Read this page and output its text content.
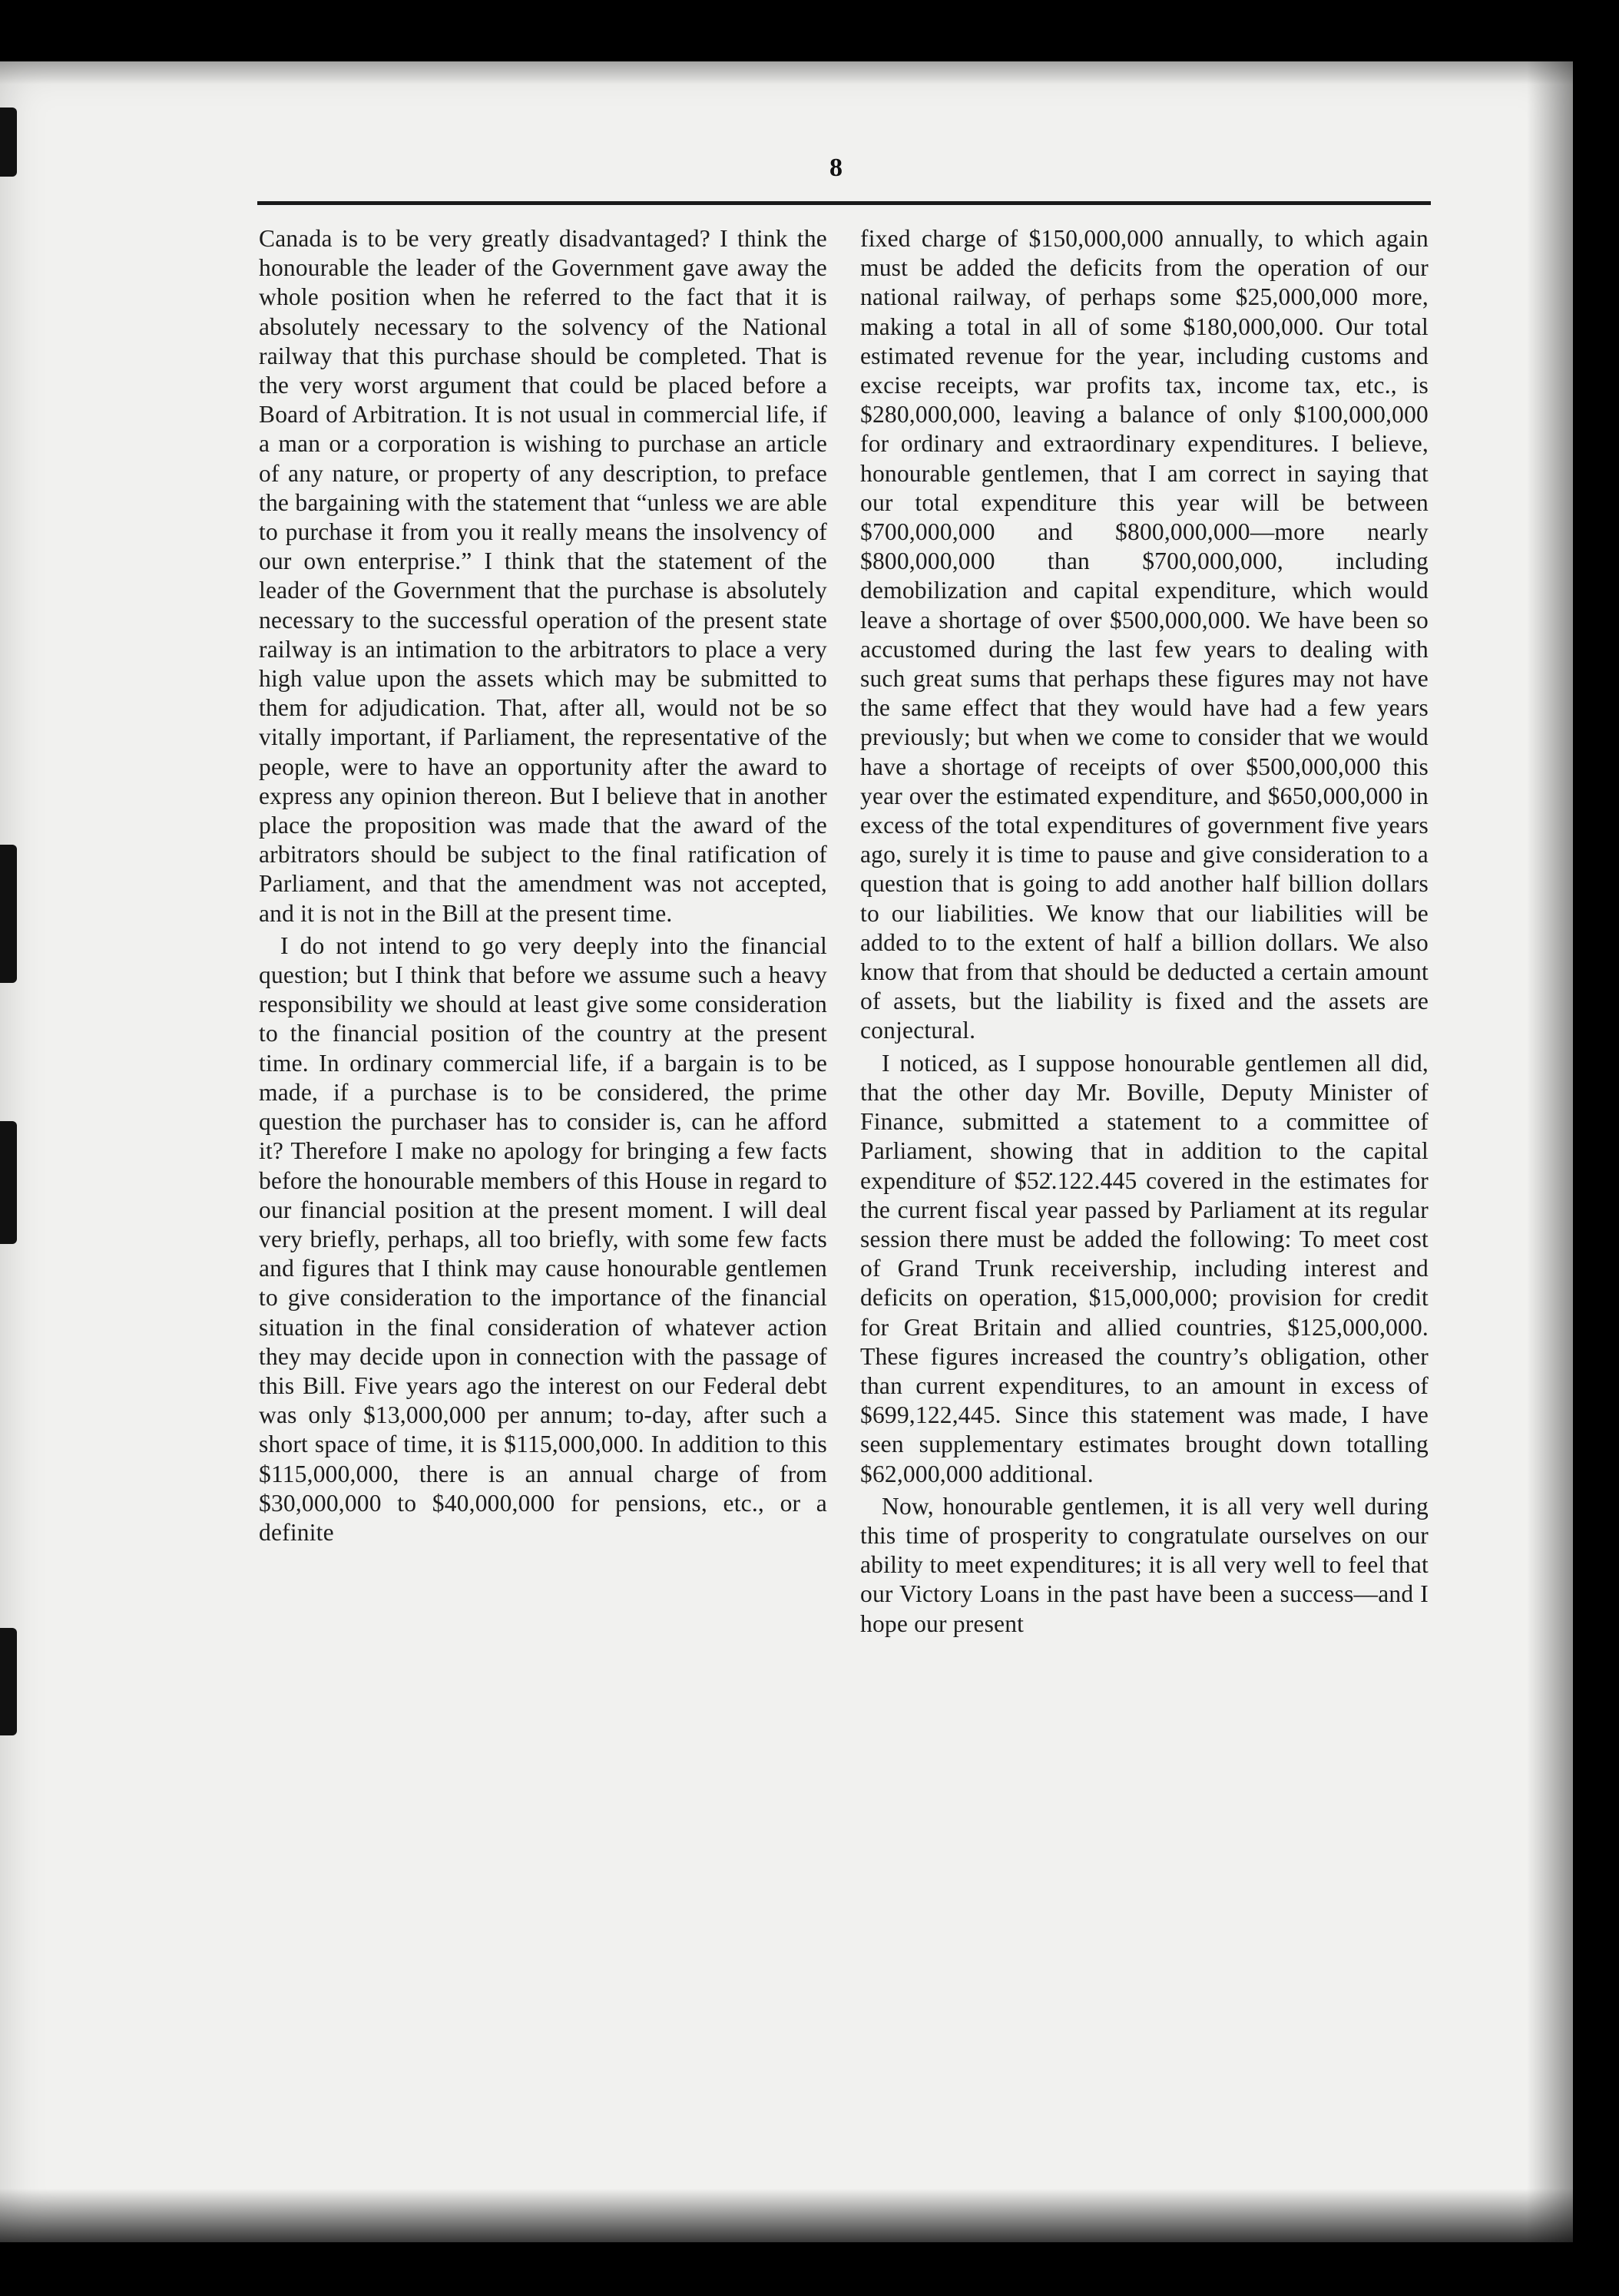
8

Canada is to be very greatly disadvantaged? I think the honourable the leader of the Government gave away the whole position when he referred to the fact that it is absolutely necessary to the solvency of the National railway that this purchase should be completed. That is the very worst argument that could be placed before a Board of Arbitration. It is not usual in commercial life, if a man or a corporation is wishing to purchase an article of any nature, or property of any description, to preface the bargaining with the statement that “unless we are able to purchase it from you it really means the insolvency of our own enterprise.” I think that the statement of the leader of the Government that the purchase is absolutely necessary to the successful operation of the present state railway is an intimation to the arbitrators to place a very high value upon the assets which may be submitted to them for adjudication. That, after all, would not be so vitally important, if Parliament, the representative of the people, were to have an opportunity after the award to express any opinion thereon. But I believe that in another place the proposition was made that the award of the arbitrators should be subject to the final ratification of Parliament, and that the amendment was not accepted, and it is not in the Bill at the present time.

I do not intend to go very deeply into the financial question; but I think that before we assume such a heavy responsibility we should at least give some consideration to the financial position of the country at the present time. In ordinary commercial life, if a bargain is to be made, if a purchase is to be considered, the prime question the purchaser has to consider is, can he afford it? Therefore I make no apology for bringing a few facts before the honourable members of this House in regard to our financial position at the present moment. I will deal very briefly, perhaps, all too briefly, with some few facts and figures that I think may cause honourable gentlemen to give consideration to the importance of the financial situation in the final consideration of whatever action they may decide upon in connection with the passage of this Bill. Five years ago the interest on our Federal debt was only $13,000,000 per annum; to-day, after such a short space of time, it is $115,000,000. In addition to this $115,000,000, there is an annual charge of from $30,000,000 to $40,000,000 for pensions, etc., or a definite

fixed charge of $150,000,000 annually, to which again must be added the deficits from the operation of our national railway, of perhaps some $25,000,000 more, making a total in all of some $180,000,000. Our total estimated revenue for the year, including customs and excise receipts, war profits tax, income tax, etc., is $280,000,000, leaving a balance of only $100,000,000 for ordinary and extraordinary expenditures. I believe, honourable gentlemen, that I am correct in saying that our total expenditure this year will be between $700,000,000 and $800,000,000—more nearly $800,000,000 than $700,000,000, including demobilization and capital expenditure, which would leave a shortage of over $500,000,000. We have been so accustomed during the last few years to dealing with such great sums that perhaps these figures may not have the same effect that they would have had a few years previously; but when we come to consider that we would have a shortage of receipts of over $500,000,000 this year over the estimated expenditure, and $650,000,000 in excess of the total expenditures of government five years ago, surely it is time to pause and give consideration to a question that is going to add another half billion dollars to our liabilities. We know that our liabilities will be added to to the extent of half a billion dollars. We also know that from that should be deducted a certain amount of assets, but the liability is fixed and the assets are conjectural.

I noticed, as I suppose honourable gentlemen all did, that the other day Mr. Boville, Deputy Minister of Finance, submitted a statement to a committee of Parliament, showing that in addition to the capital expenditure of $52̇.122.445 covered in the estimates for the current fiscal year passed by Parliament at its regular session there must be added the following: To meet cost of Grand Trunk receivership, including interest and deficits on operation, $15,000,000; provision for credit for Great Britain and allied countries, $125,000,000. These figures increased the country’s obligation, other than current expenditures, to an amount in excess of $699,122,445. Since this statement was made, I have seen supplementary estimates brought down totalling $62,000,000 additional.

Now, honourable gentlemen, it is all very well during this time of prosperity to congratulate ourselves on our ability to meet expenditures; it is all very well to feel that our Victory Loans in the past have been a success—and I hope our present
